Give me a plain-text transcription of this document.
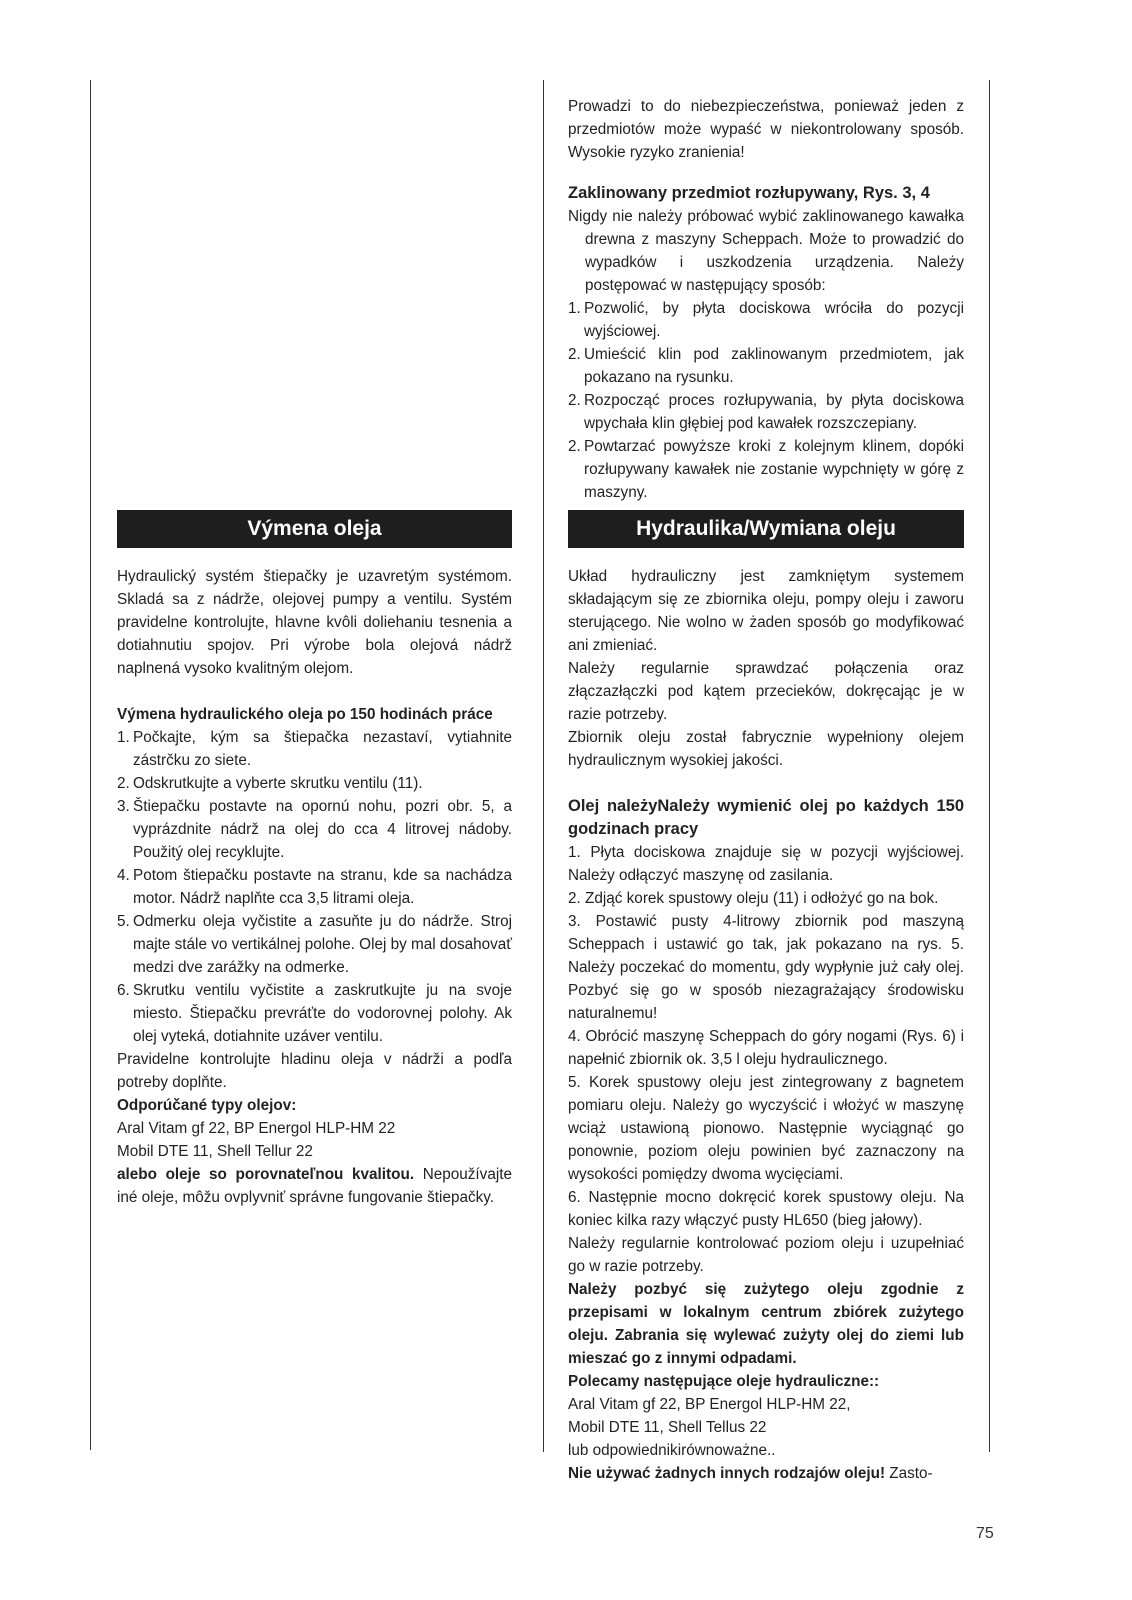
Výmena oleja

Hydraulický systém štiepačky je uzavretým systémom. Skladá sa z nádrže, olejovej pumpy a ventilu. Systém pravidelne kontrolujte, hlavne kvôli doliehaniu tesnenia a dotiahnutiu spojov. Pri výrobe bola olejová nádrž naplnená vysoko kvalitným olejom.

Výmena hydraulického oleja po 150 hodinách práce

1. Počkajte, kým sa štiepačka nezastaví, vytiahnite zástrčku zo siete.
2. Odskrutkujte a vyberte skrutku ventilu (11).
3. Štiepačku postavte na opornú nohu, pozri obr. 5, a vyprázdnite nádrž na olej do cca 4 litrovej nádoby. Použitý olej recyklujte.
4. Potom štiepačku postavte na stranu, kde sa nachádza motor. Nádrž naplňte cca 3,5 litrami oleja.
5. Odmerku oleja vyčistite a zasuňte ju do nádrže. Stroj majte stále vo vertikálnej polohe. Olej by mal dosahovať medzi dve zarážky na odmerke.
6. Skrutku ventilu vyčistite a zaskrutkujte ju na svoje miesto. Štiepačku prevráťte do vodorovnej polohy. Ak olej vyteká, dotiahnite uzáver ventilu.

Pravidelne kontrolujte hladinu oleja v nádrži a podľa potreby doplňte.

Odporúčané typy olejov:

Aral Vitam gf 22, BP Energol HLP-HM 22

Mobil DTE 11, Shell Tellur 22

alebo oleje so porovnateľnou kvalitou. Nepoužívajte iné oleje, môžu ovplyvniť správne fungovanie štiepačky.

Prowadzi to do niebezpieczeństwa, ponieważ jeden z przedmiotów może wypaść w niekontrolowany sposób. Wysokie ryzyko zranienia!

Zaklinowany przedmiot rozłupywany, Rys. 3, 4

Nigdy nie należy próbować wybić zaklinowanego kawałka drewna z maszyny Scheppach. Może to prowadzić do wypadków i uszkodzenia urządzenia. Należy postępować w następujący sposób:

1. Pozwolić, by płyta dociskowa wróciła do pozycji wyjściowej.
2. Umieścić klin pod zaklinowanym przedmiotem, jak pokazano na rysunku.
2. Rozpocząć proces rozłupywania, by płyta dociskowa wpychała klin głębiej pod kawałek rozszczepiany.
2. Powtarzać powyższe kroki z kolejnym klinem, dopóki rozłupywany kawałek nie zostanie wypchnięty w górę z maszyny.
Hydraulika/Wymiana oleju

Układ hydrauliczny jest zamkniętym systemem składającym się ze zbiornika oleju, pompy oleju i zaworu sterującego. Nie wolno w żaden sposób go modyfikować ani zmieniać.

Należy regularnie sprawdzać połączenia oraz złączazłączki pod kątem przecieków, dokręcając je w razie potrzeby.

Zbiornik oleju został fabrycznie wypełniony olejem hydraulicznym wysokiej jakości.

Olej należyNależy wymienić olej po każdych 150 godzinach pracy

1. Płyta dociskowa znajduje się w pozycji wyjściowej. Należy odłączyć maszynę od zasilania.

2. Zdjąć korek spustowy oleju (11) i odłożyć go na bok.

3. Postawić pusty 4-litrowy zbiornik pod maszyną Scheppach i ustawić go tak, jak pokazano na rys. 5. Należy poczekać do momentu, gdy wypłynie już cały olej. Pozbyć się go w sposób niezagrażający środowisku naturalnemu!

4. Obrócić maszynę Scheppach do góry nogami (Rys. 6) i napełnić zbiornik ok. 3,5 l oleju hydraulicznego.

5. Korek spustowy oleju jest zintegrowany z bagnetem pomiaru oleju. Należy go wyczyścić i włożyć w maszynę wciąż ustawioną pionowo. Następnie wyciągnąć go ponownie, poziom oleju powinien być zaznaczony na wysokości pomiędzy dwoma wycięciami.

6. Następnie mocno dokręcić korek spustowy oleju. Na koniec kilka razy włączyć pusty HL650 (bieg jałowy).

Należy regularnie kontrolować poziom oleju i uzupełniać go w razie potrzeby.

Należy pozbyć się zużytego oleju zgodnie z przepisami w lokalnym centrum zbiórek zużytego oleju. Zabrania się wylewać zużyty olej do ziemi lub mieszać go z innymi odpadami.

Polecamy następujące oleje hydrauliczne::

Aral Vitam gf 22, BP Energol HLP-HM 22,

Mobil DTE 11, Shell Tellus 22

lub odpowiednikirównoważne..

Nie używać żadnych innych rodzajów oleju! Zasto-

75
